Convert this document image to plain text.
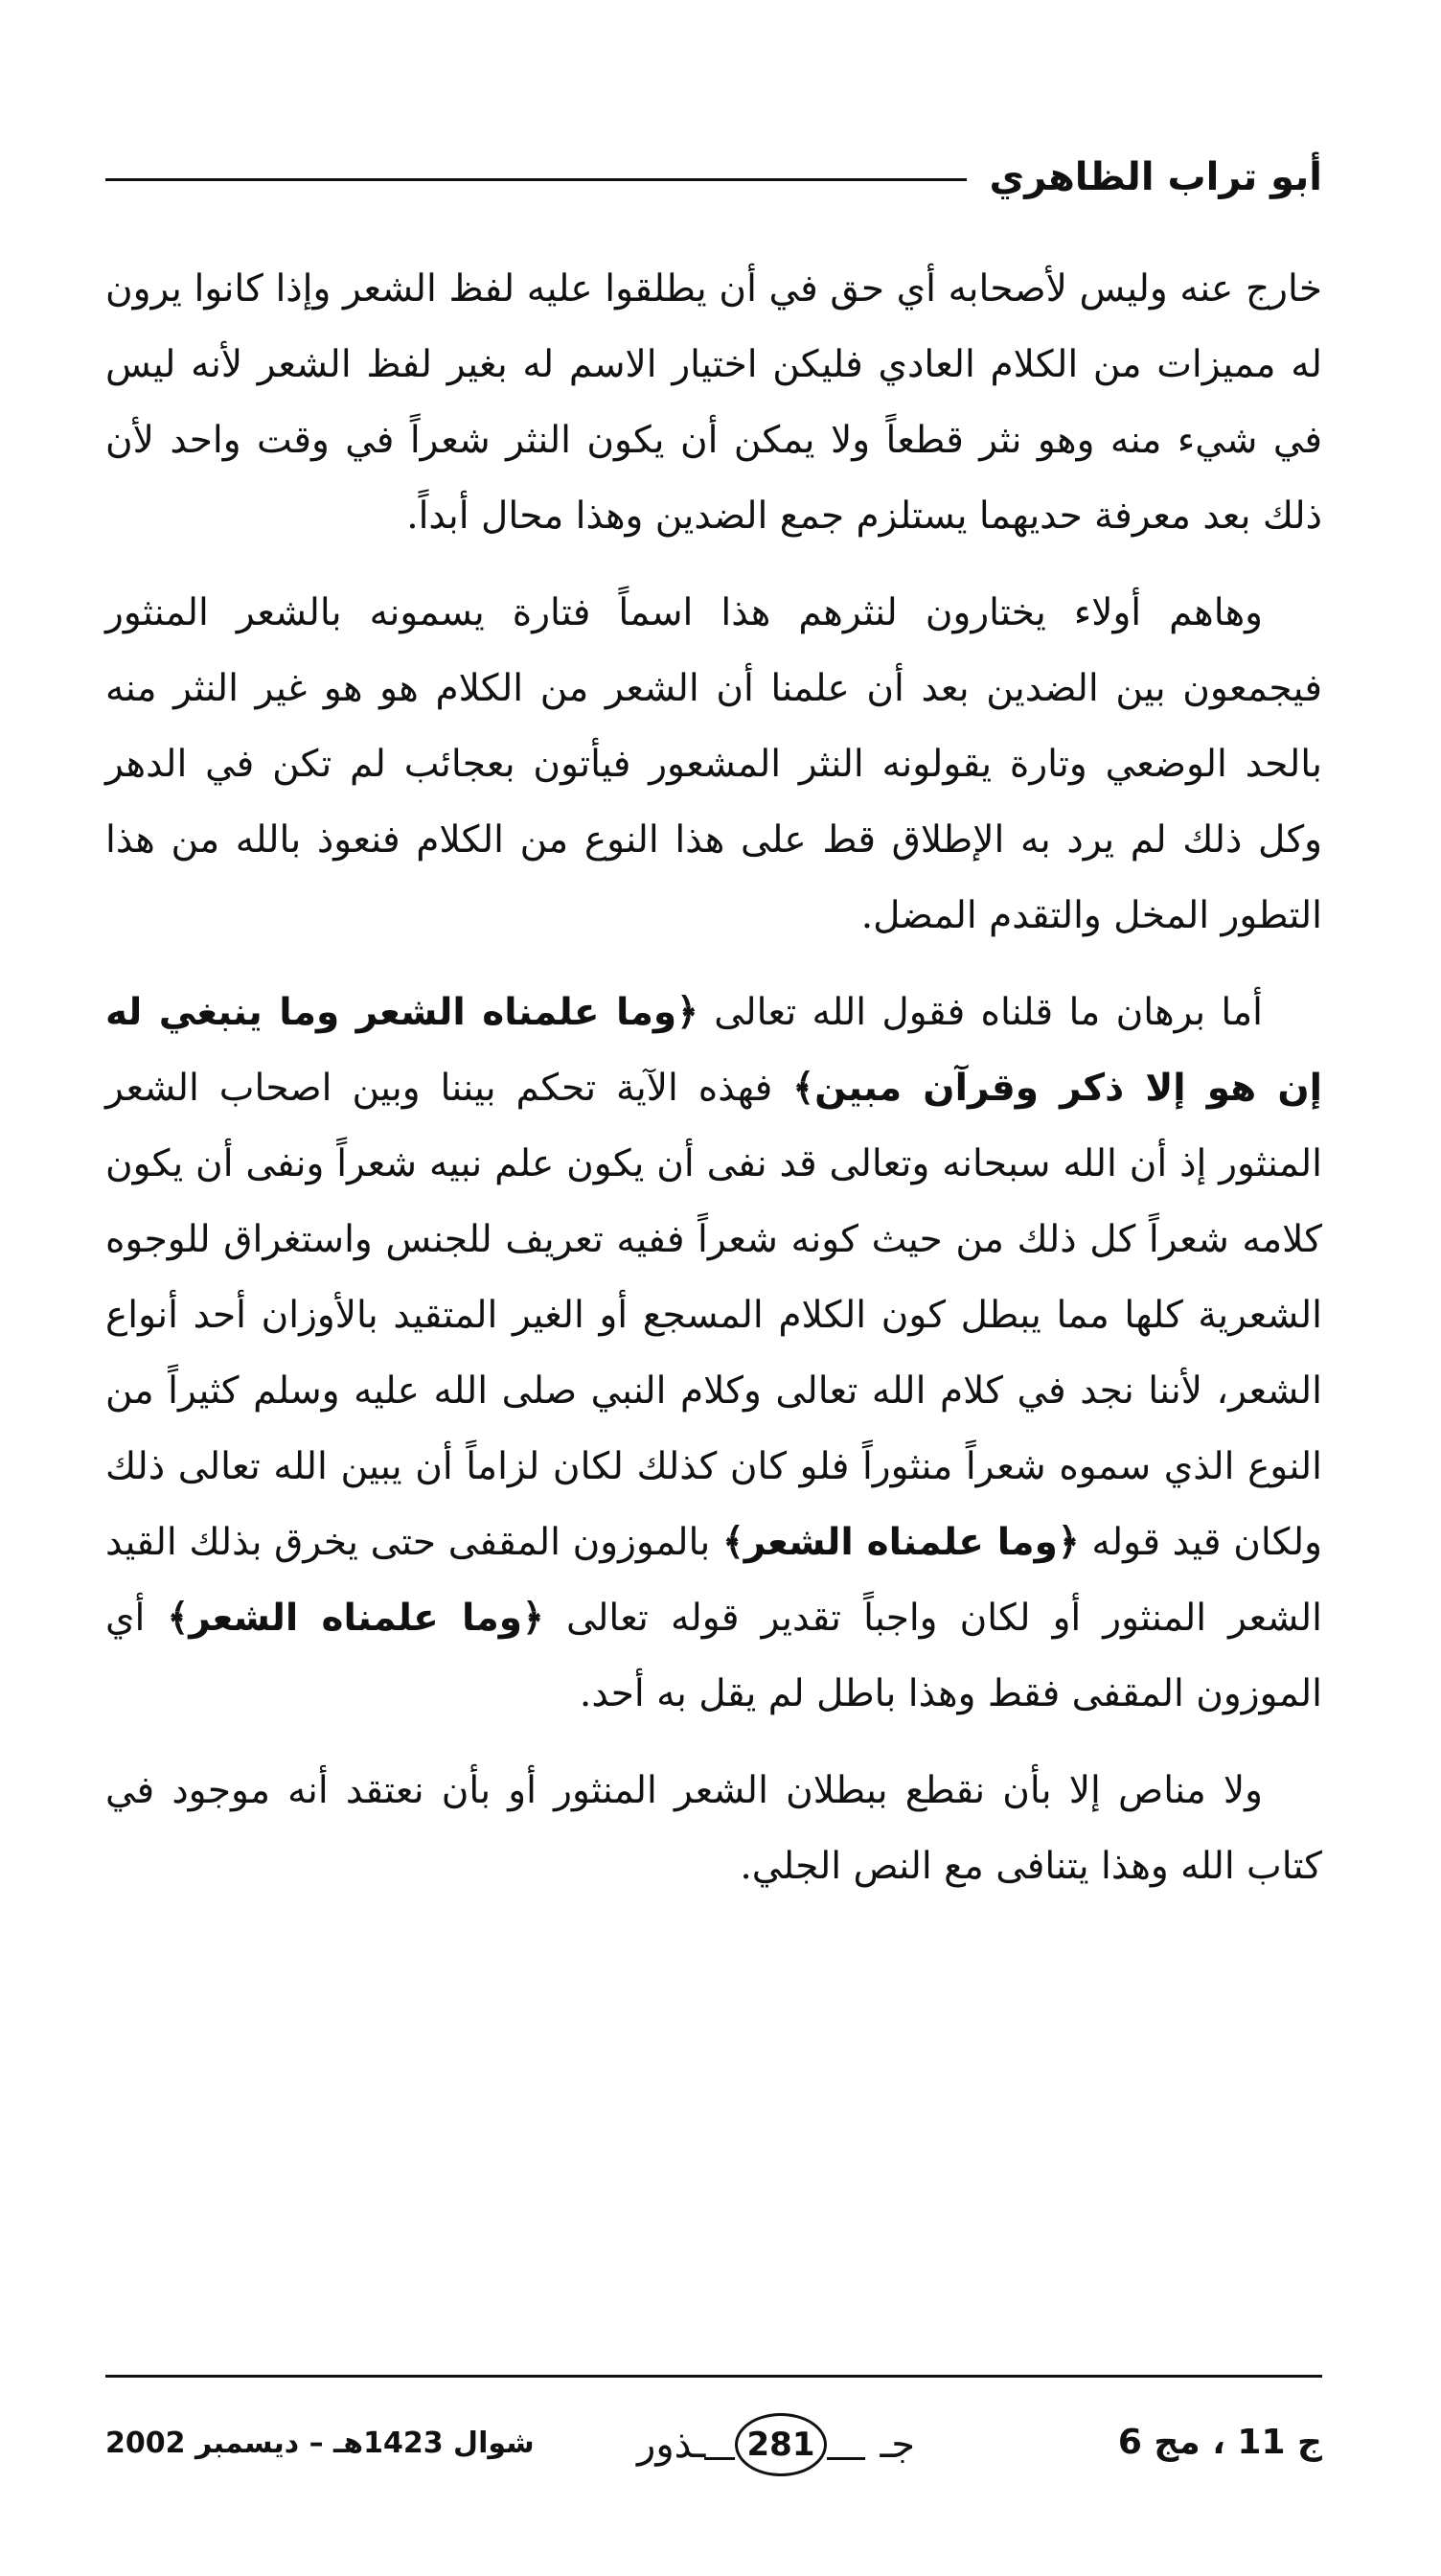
أبو تراب الظاهري

خارج عنه وليس لأصحابه أي حق في أن يطلقوا عليه لفظ الشعر وإذا كانوا يرون له مميزات من الكلام العادي فليكن اختيار الاسم له بغير لفظ الشعر لأنه ليس في شيء منه وهو نثر قطعاً ولا يمكن أن يكون النثر شعراً في وقت واحد لأن ذلك بعد معرفة حديهما يستلزم جمع الضدين وهذا محال أبداً.

وهاهم أولاء يختارون لنثرهم هذا اسماً فتارة يسمونه بالشعر المنثور فيجمعون بين الضدين بعد أن علمنا أن الشعر من الكلام هو هو غير النثر منه بالحد الوضعي وتارة يقولونه النثر المشعور فيأتون بعجائب لم تكن في الدهر وكل ذلك لم يرد به الإطلاق قط على هذا النوع من الكلام فنعوذ بالله من هذا التطور المخل والتقدم المضل.

أما برهان ما قلناه فقول الله تعالى ﴿وما علمناه الشعر وما ينبغي له إن هو إلا ذكر وقرآن مبين﴾ فهذه الآية تحكم بيننا وبين اصحاب الشعر المنثور إذ أن الله سبحانه وتعالى قد نفى أن يكون علم نبيه شعراً ونفى أن يكون كلامه شعراً كل ذلك من حيث كونه شعراً ففيه تعريف للجنس واستغراق للوجوه الشعرية كلها مما يبطل كون الكلام المسجع أو الغير المتقيد بالأوزان أحد أنواع الشعر، لأننا نجد في كلام الله تعالى وكلام النبي صلى الله عليه وسلم كثيراً من النوع الذي سموه شعراً منثوراً فلو كان كذلك لكان لزاماً أن يبين الله تعالى ذلك ولكان قيد قوله ﴿وما علمناه الشعر﴾ بالموزون المقفى حتى يخرق بذلك القيد الشعر المنثور أو لكان واجباً تقدير قوله تعالى ﴿وما علمناه الشعر﴾ أي الموزون المقفى فقط وهذا باطل لم يقل به أحد.

ولا مناص إلا بأن نقطع ببطلان الشعر المنثور أو بأن نعتقد أنه موجود في كتاب الله وهذا يتنافى مع النص الجلي.

ج 11 ، مج 6
ـذور	281	جـ
شوال 1423هـ – ديسمبر 2002
